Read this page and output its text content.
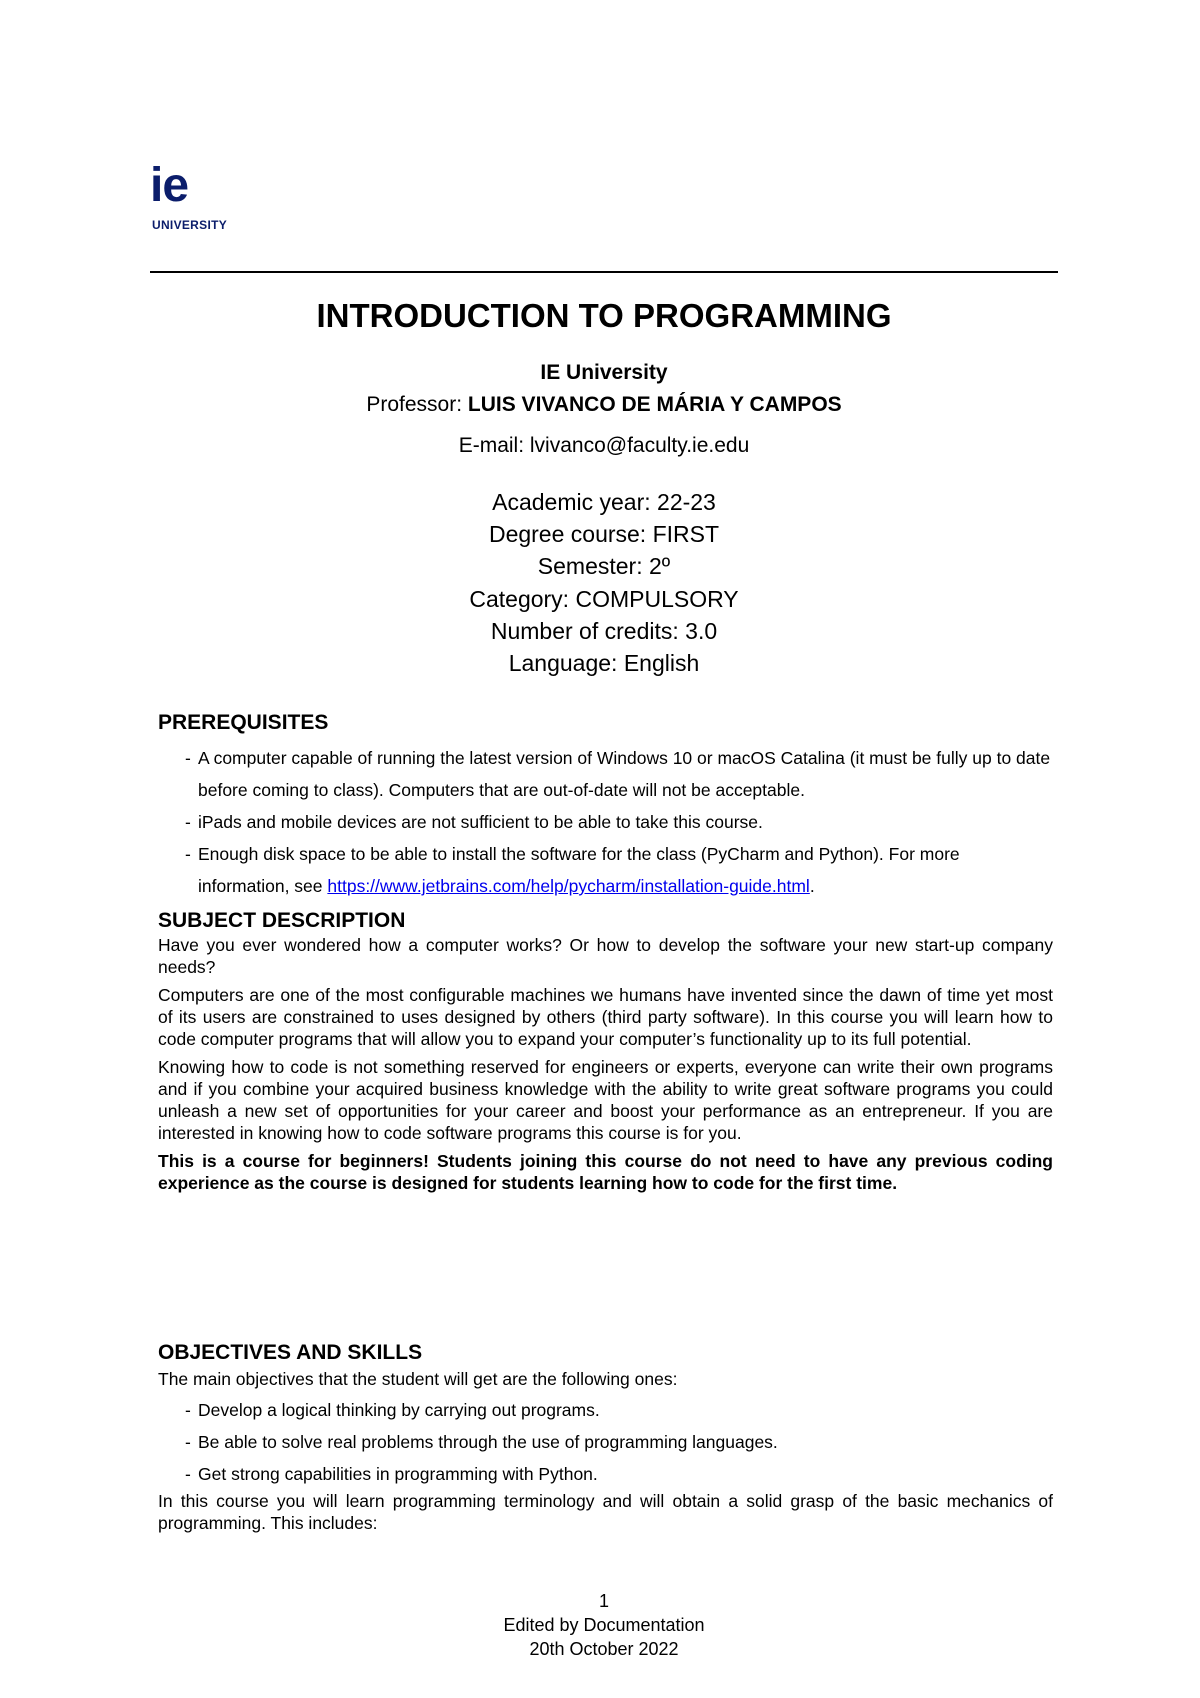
ie
UNIVERSITY
INTRODUCTION TO PROGRAMMING
IE University
Professor: LUIS VIVANCO DE MÁRIA Y CAMPOS
E-mail: lvivanco@faculty.ie.edu
Academic year: 22-23
Degree course: FIRST
Semester: 2º
Category: COMPULSORY
Number of credits: 3.0
Language: English
PREREQUISITES
- A computer capable of running the latest version of Windows 10 or macOS Catalina (it must be fully up to date before coming to class). Computers that are out-of-date will not be acceptable.
- iPads and mobile devices are not sufficient to be able to take this course.
- Enough disk space to be able to install the software for the class (PyCharm and Python). For more information, see https://www.jetbrains.com/help/pycharm/installation-guide.html.
SUBJECT DESCRIPTION

Have you ever wondered how a computer works? Or how to develop the software your new start-up company needs?

Computers are one of the most configurable machines we humans have invented since the dawn of time yet most of its users are constrained to uses designed by others (third party software). In this course you will learn how to code computer programs that will allow you to expand your computer’s functionality up to its full potential.

Knowing how to code is not something reserved for engineers or experts, everyone can write their own programs and if you combine your acquired business knowledge with the ability to write great software programs you could unleash a new set of opportunities for your career and boost your performance as an entrepreneur. If you are interested in knowing how to code software programs this course is for you.

This is a course for beginners! Students joining this course do not need to have any previous coding experience as the course is designed for students learning how to code for the first time.

OBJECTIVES AND SKILLS

The main objectives that the student will get are the following ones:

- Develop a logical thinking by carrying out programs.
- Be able to solve real problems through the use of programming languages.
- Get strong capabilities in programming with Python.

In this course you will learn programming terminology and will obtain a solid grasp of the basic mechanics of programming. This includes:

1
Edited by Documentation
20th October 2022
